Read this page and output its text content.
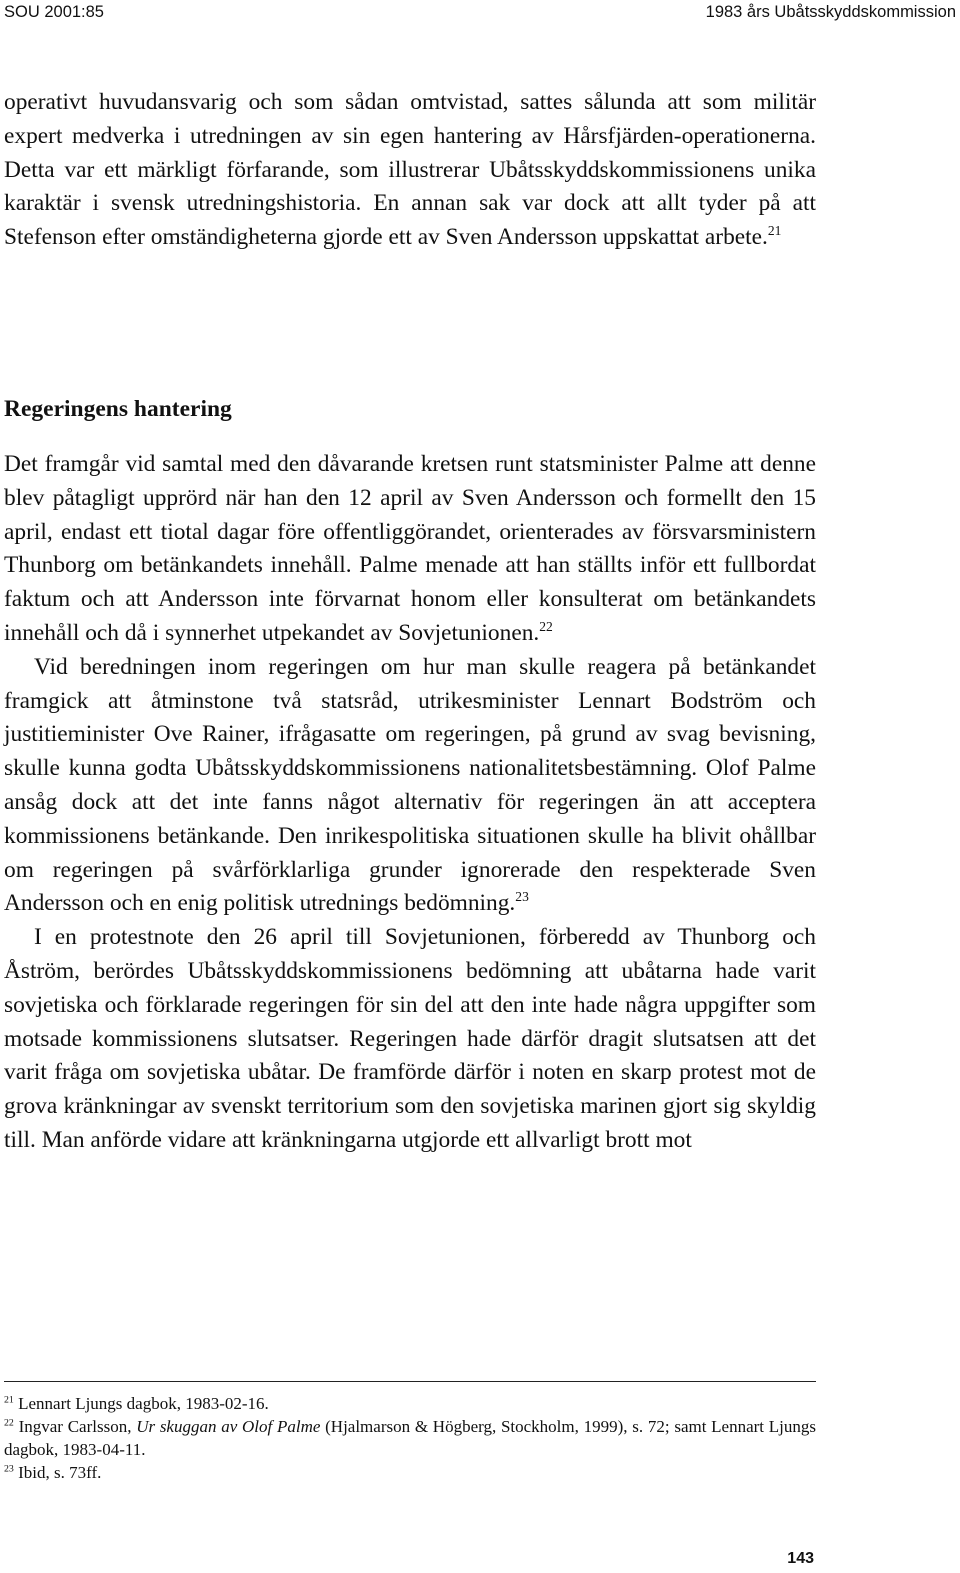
SOU 2001:85	1983 års Ubåtsskyddskommission

operativt huvudansvarig och som sådan omtvistad, sattes sålunda att som militär expert medverka i utredningen av sin egen hantering av Hårsfjärden-operationerna. Detta var ett märkligt förfarande, som illustrerar Ubåtsskyddskommissionens unika karaktär i svensk utredningshistoria. En annan sak var dock att allt tyder på att Stefenson efter omständigheterna gjorde ett av Sven Andersson uppskattat arbete.$^{21}$

Regeringens hantering

Det framgår vid samtal med den dåvarande kretsen runt statsminister Palme att denne blev påtagligt upprörd när han den 12 april av Sven Andersson och formellt den 15 april, endast ett tiotal dagar före offentliggörandet, orienterades av försvarsministern Thunborg om betänkandets innehåll. Palme menade att han ställts inför ett fullbordat faktum och att Andersson inte förvarnat honom eller konsulterat om betänkandets innehåll och då i synnerhet utpekandet av Sovjetunionen.$^{22}$

Vid beredningen inom regeringen om hur man skulle reagera på betänkandet framgick att åtminstone två statsråd, utrikesminister Lennart Bodström och justitieminister Ove Rainer, ifrågasatte om regeringen, på grund av svag bevisning, skulle kunna godta Ubåtsskyddskommissionens nationalitetsbestämning. Olof Palme ansåg dock att det inte fanns något alternativ för regeringen än att acceptera kommissionens betänkande. Den inrikespolitiska situationen skulle ha blivit ohållbar om regeringen på svårförklarliga grunder ignorerade den respekterade Sven Andersson och en enig politisk utrednings bedömning.$^{23}$

I en protestnote den 26 april till Sovjetunionen, förberedd av Thunborg och Åström, berördes Ubåtsskyddskommissionens bedömning att ubåtarna hade varit sovjetiska och förklarade regeringen för sin del att den inte hade några uppgifter som motsade kommissionens slutsatser. Regeringen hade därför dragit slutsatsen att det varit fråga om sovjetiska ubåtar. De framförde därför i noten en skarp protest mot de grova kränkningar av svenskt territorium som den sovjetiska marinen gjort sig skyldig till. Man anförde vidare att kränkningarna utgjorde ett allvarligt brott mot

$^{21}$ Lennart Ljungs dagbok, 1983-02-16.

$^{22}$ Ingvar Carlsson, Ur skuggan av Olof Palme (Hjalmarson & Högberg, Stockholm, 1999), s. 72; samt Lennart Ljungs dagbok, 1983-04-11.

$^{23}$ Ibid, s. 73ff.

143
